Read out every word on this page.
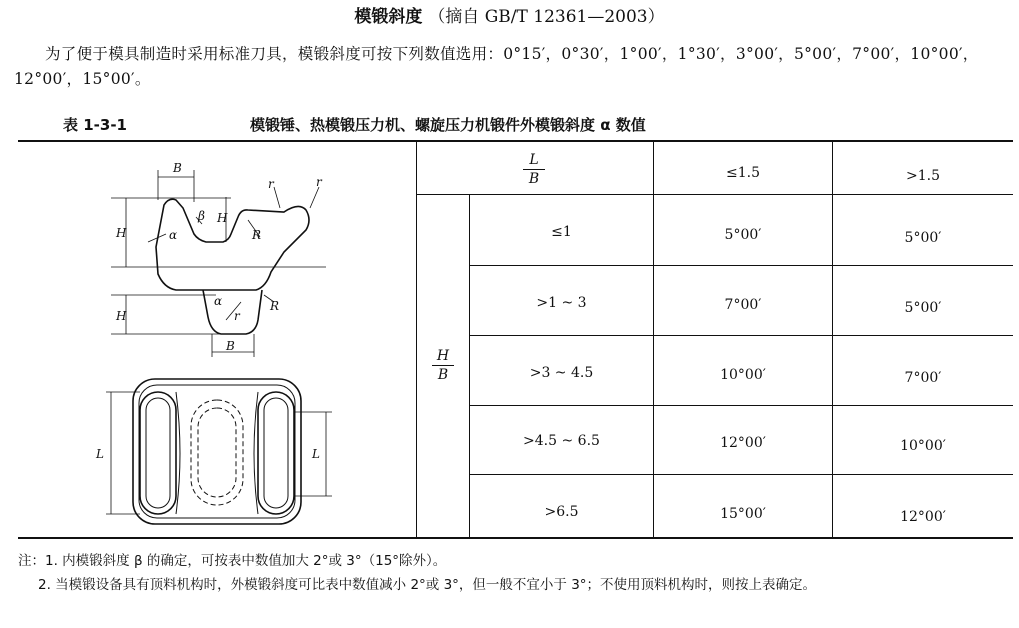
模锻斜度 （摘自 GB/T 12361—2003）
为了便于模具制造时采用标准刀具，模锻斜度可按下列数值选用：0°15′，0°30′，1°00′，1°30′，3°00′，5°00′，7°00′，10°00′，12°00′，15°00′。
表 1-3-1	模锻锤、热模锻压力机、螺旋压力机锻件外模锻斜度 α 数值
L
B	≤1.5	>1.5
H
B
≤1	5°00′	5°00′
>1 ~ 3	7°00′	5°00′
>3 ~ 4.5	10°00′	7°00′
>4.5 ~ 6.5	12°00′	10°00′
>6.5	15°00′	12°00′
B
H
H
H
α
β
r	r
R
α
r
R
B
L	L
注：1. 内模锻斜度 β 的确定，可按表中数值加大 2°或 3°（15°除外）。
2. 当模锻设备具有顶料机构时，外模锻斜度可比表中数值减小 2°或 3°，但一般不宜小于 3°；不使用顶料机构时，则按上表确定。
